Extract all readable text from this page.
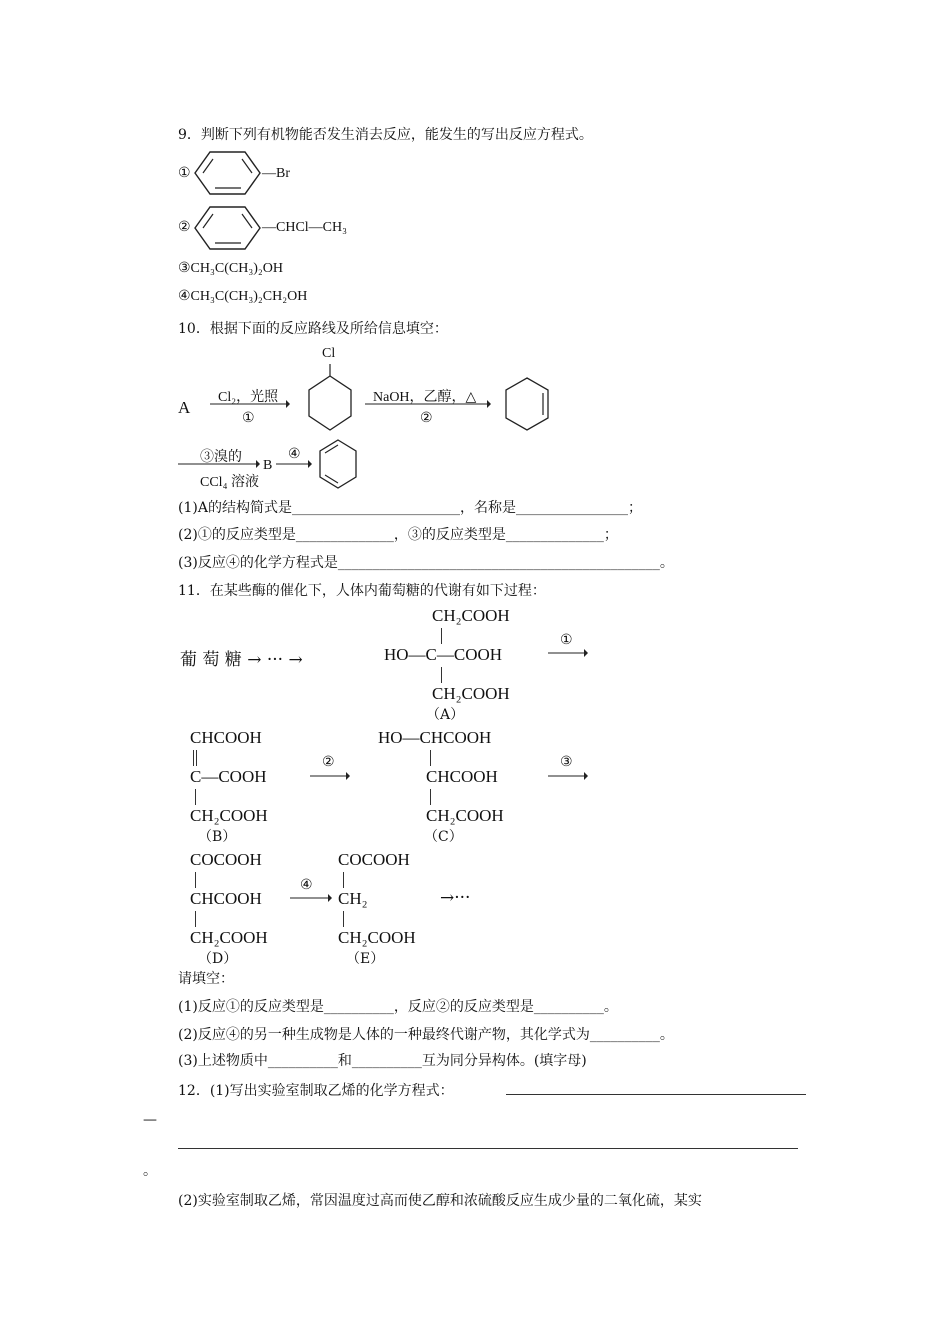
9．判断下列有机物能否发生消去反应，能发生的写出反应方程式。
①	—Br
②	—CHCl—CH₃
③CH₃C(CH₃)₂OH
④CH₃C(CH₃)₂CH₂OH
10．根据下面的反应路线及所给信息填空：
A
Cl₂，光照
①
Cl
NaOH，乙醇，△
②
③溴的
CCl₄ 溶液
B
④
(1)A的结构简式是________________________，名称是________________；
(2)①的反应类型是______________，③的反应类型是______________；
(3)反应④的化学方程式是______________________________________________。
11．在某些酶的催化下，人体内葡萄糖的代谢有如下过程：
葡 萄 糖 → ··· →
CH₂COOH
HO—C—COOH
CH₂COOH
（A）
①
CHCOOH
C—COOH
CH₂COOH
（B）
②
HO—CHCOOH
CHCOOH
CH₂COOH
（C）
③
COCOOH
CHCOOH
CH₂COOH
（D）
④
COCOOH
CH₂
CH₂COOH
（E）
→···
请填空：
(1)反应①的反应类型是__________，反应②的反应类型是__________。
(2)反应④的另一种生成物是人体的一种最终代谢产物，其化学式为__________。
(3)上述物质中__________和__________互为同分异构体。(填字母)
12．(1)写出实验室制取乙烯的化学方程式：
—
。
(2)实验室制取乙烯，常因温度过高而使乙醇和浓硫酸反应生成少量的二氧化硫，某实
